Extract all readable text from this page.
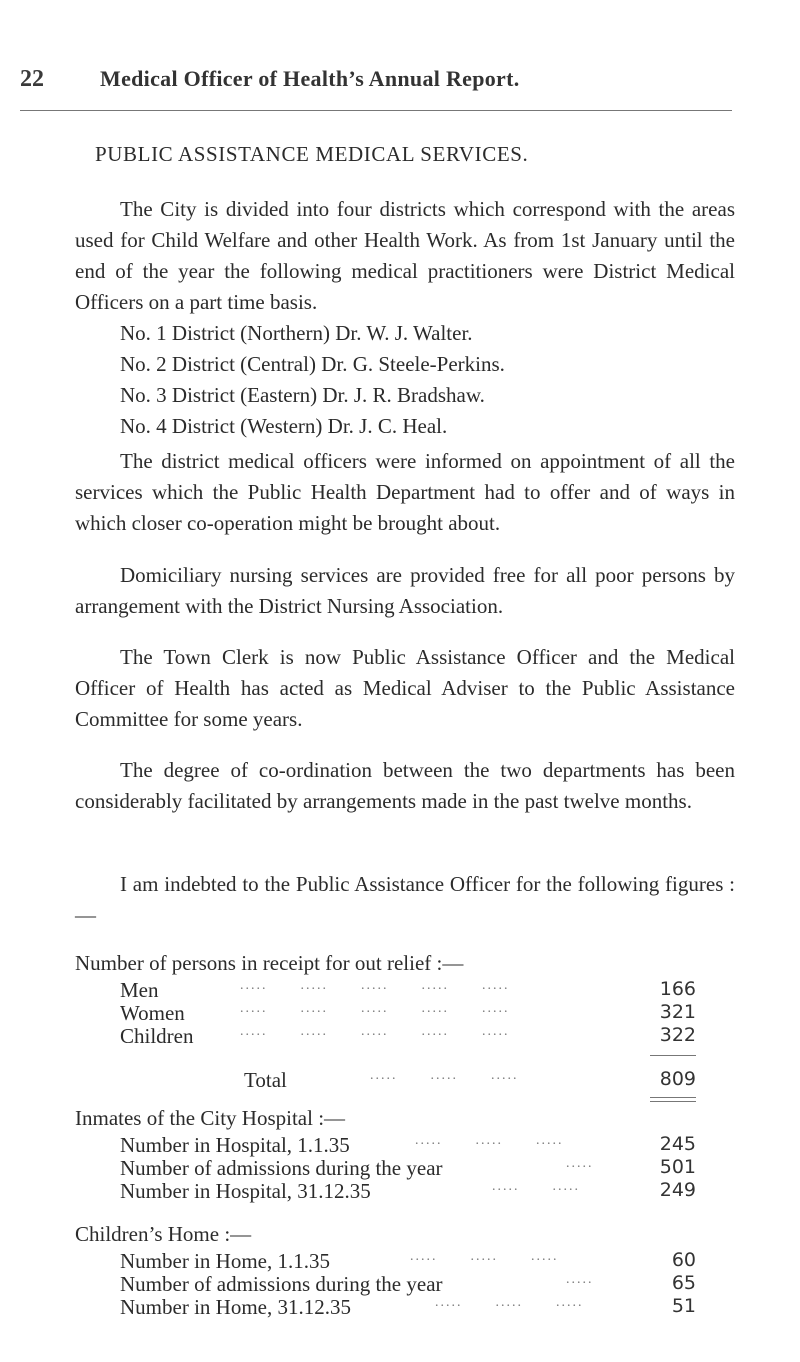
22	Medical Officer of Health’s Annual Report.
PUBLIC ASSISTANCE MEDICAL SERVICES.
The City is divided into four districts which correspond with the areas used for Child Welfare and other Health Work. As from 1st January until the end of the year the following medical practitioners were District Medical Officers on a part time basis.
No. 1 District (Northern) Dr. W. J. Walter.
No. 2 District (Central) Dr. G. Steele-Perkins.
No. 3 District (Eastern) Dr. J. R. Bradshaw.
No. 4 District (Western) Dr. J. C. Heal.
The district medical officers were informed on appointment of all the services which the Public Health Department had to offer and of ways in which closer co-operation might be brought about.
Domiciliary nursing services are provided free for all poor persons by arrangement with the District Nursing Association.
The Town Clerk is now Public Assistance Officer and the Medical Officer of Health has acted as Medical Adviser to the Public Assistance Committee for some years.
The degree of co-ordination between the two departments has been considerably facilitated by arrangements made in the past twelve months.
I am indebted to the Public Assistance Officer for the following figures :—
Number of persons in receipt for out relief :—
Men	.....      .....      .....      .....      .....	166
Women	.....      .....      .....      .....      .....	321
Children	.....      .....      .....      .....      .....	322
Total	.....      .....      .....	809
Inmates of the City Hospital :—
Number in Hospital, 1.1.35	.....      .....      .....	245
Number of admissions during the year	.....	501
Number in Hospital, 31.12.35	.....      .....	249
Children’s Home :—
Number in Home, 1.1.35	.....      .....      .....	60
Number of admissions during the year	.....	65
Number in Home, 31.12.35	.....      .....      .....	51
